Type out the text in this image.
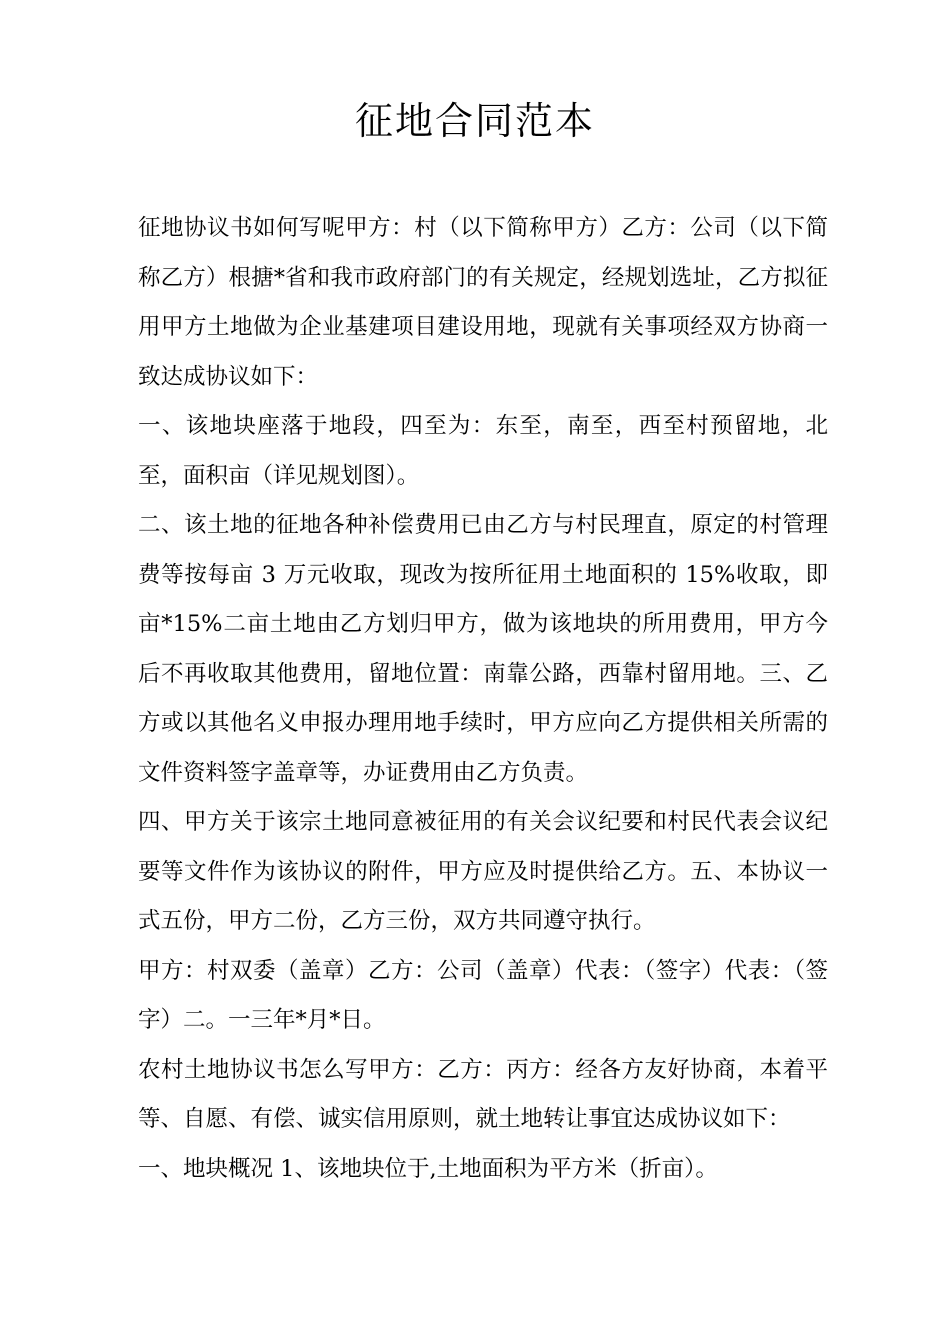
征地合同范本

征地协议书如何写呢甲方：村（以下简称甲方）乙方：公司（以下简称乙方）根搪*省和我市政府部门的有关规定，经规划选址，乙方拟征用甲方土地做为企业基建项目建设用地，现就有关事项经双方协商一致达成协议如下：

一、该地块座落于地段，四至为：东至，南至，西至村预留地，北至，面积亩（详见规划图）。

二、该土地的征地各种补偿费用已由乙方与村民理直，原定的村管理费等按每亩 3 万元收取，现改为按所征用土地面积的 15%收取，即亩*15%二亩土地由乙方划归甲方，做为该地块的所用费用，甲方今后不再收取其他费用，留地位置：南靠公路，西靠村留用地。三、乙方或以其他名义申报办理用地手续时，甲方应向乙方提供相关所需的文件资料签字盖章等，办证费用由乙方负责。

四、甲方关于该宗土地同意被征用的有关会议纪要和村民代表会议纪要等文件作为该协议的附件，甲方应及时提供给乙方。五、本协议一式五份，甲方二份，乙方三份，双方共同遵守执行。

甲方：村双委（盖章）乙方：公司（盖章）代表：（签字）代表：（签字）二。一三年*月*日。

农村土地协议书怎么写甲方：乙方：丙方：经各方友好协商，本着平等、自愿、有偿、诚实信用原则，就土地转让事宜达成协议如下：

一、地块概况 1、该地块位于,土地面积为平方米（折亩）。
